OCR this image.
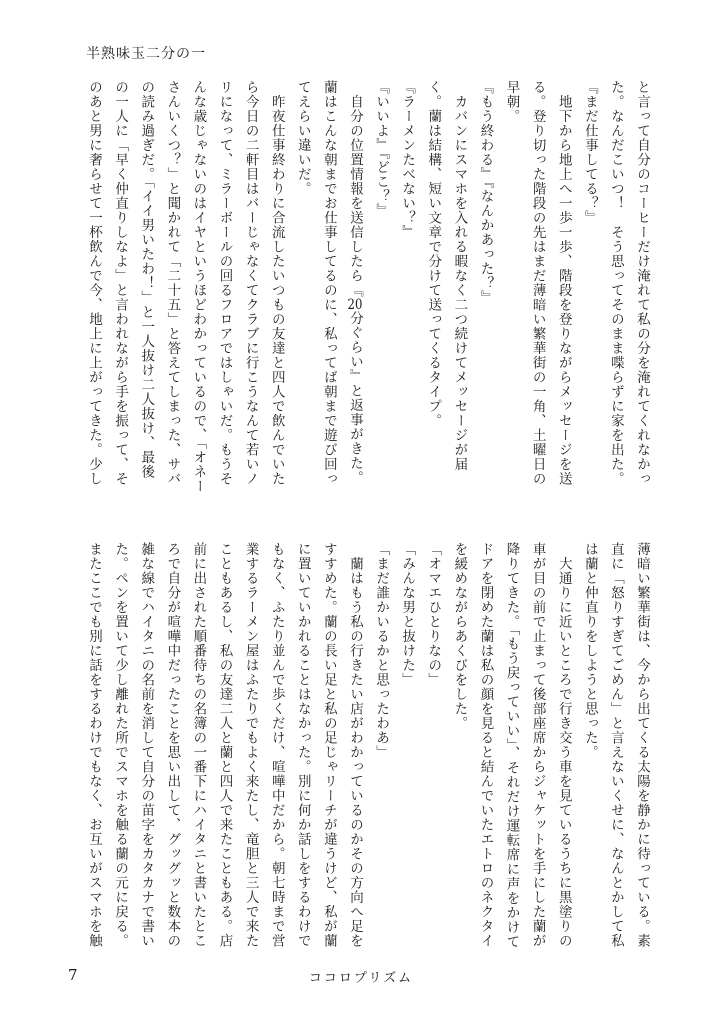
半熟味玉二分の一
と言って自分のコーヒーだけ淹れて私の分を淹れてくれなかっ
た。なんだこいつ！　そう思ってそのまま喋らずに家を出た。
『まだ仕事してる？』
　地下から地上へ一歩一歩、階段を登りながらメッセージを送
る。登り切った階段の先はまだ薄暗い繁華街の一角、土曜日の
早朝。
『もう終わる』『なんかあった？』
　カバンにスマホを入れる暇なく二つ続けてメッセージが届
く。蘭は結構、短い文章で分けて送ってくるタイプ。
『ラーメンたべない？』
『いいよ』『どこ？』
　自分の位置情報を送信したら『20分ぐらい』と返事がきた。
蘭はこんな朝までお仕事してるのに、私ってば朝まで遊び回っ
てえらい違いだ。
　昨夜仕事終わりに合流したいつもの友達と四人で飲んでいた
ら今日の二軒目はバーじゃなくてクラブに行こうなんて若いノ
リになって、ミラーボールの回るフロアではしゃいだ。もうそ
んな歳じゃないのはイヤというほどわかっているので、「オネー
さんいくつ？」と聞かれて「二十五」と答えてしまった、サバ
の読み過ぎだ。「イイ男いたわ！」と一人抜け二人抜け、最後
の一人に「早く仲直りしなよ」と言われながら手を振って、そ
のあと男に奢らせて一杯飲んで今、地上に上がってきた。少し
薄暗い繁華街は、今から出てくる太陽を静かに待っている。素
直に「怒りすぎてごめん」と言えないくせに、なんとかして私
は蘭と仲直りをしようと思った。
　大通りに近いところで行き交う車を見ているうちに黒塗りの
車が目の前で止まって後部座席からジャケットを手にした蘭が
降りてきた。「もう戻っていい」、それだけ運転席に声をかけて
ドアを閉めた蘭は私の顔を見ると結んでいたエトロのネクタイ
を緩めながらあくびをした。
「オマエひとりなの」
「みんな男と抜けた」
「まだ誰かいるかと思ったわあ」
　蘭はもう私の行きたい店がわかっているのかその方向へ足を
すすめた。蘭の長い足と私の足じゃリーチが違うけど、私が蘭
に置いていかれることはなかった。別に何か話しをするわけで
もなく、ふたり並んで歩くだけ、喧嘩中だから。朝七時まで営
業するラーメン屋はふたりでもよく来たし、竜胆と三人で来た
こともあるし、私の友達二人と蘭と四人で来たこともある。店
前に出された順番待ちの名簿の一番下にハイタニと書いたとこ
ろで自分が喧嘩中だったことを思い出して、グッグッと数本の
雑な線でハイタニの名前を消して自分の苗字をカタカナで書い
た。ペンを置いて少し離れた所でスマホを触る蘭の元に戻る。
またここでも別に話をするわけでもなく、お互いがスマホを触
7	ココロプリズム
